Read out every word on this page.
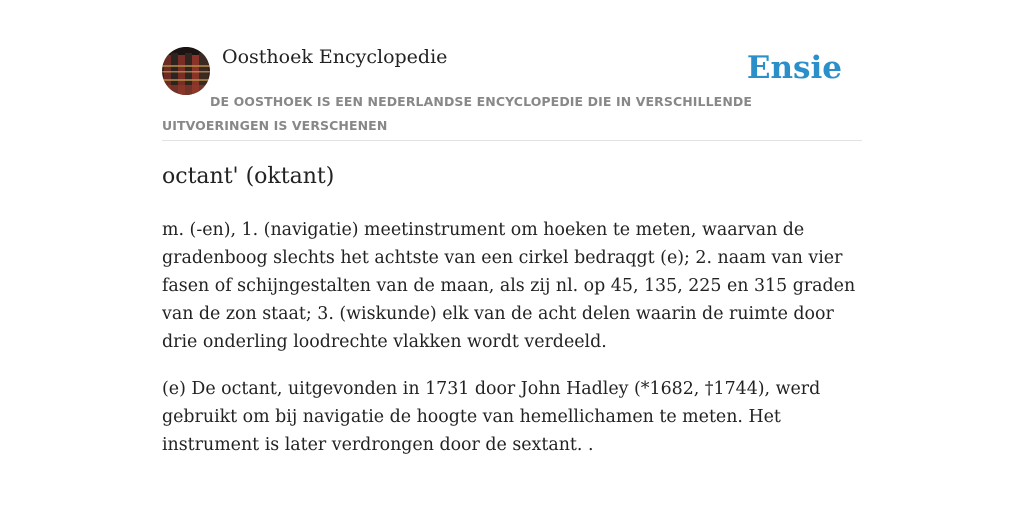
Oosthoek Encyclopedie
DE OOSTHOEK IS EEN NEDERLANDSE ENCYCLOPEDIE DIE IN VERSCHILLENDE UITVOERINGEN IS VERSCHENEN
Ensie
octant' (oktant)

m. (-en), 1. (navigatie) meetinstrument om hoeken te meten, waarvan de gradenboog slechts het achtste van een cirkel bedraqgt (e); 2. naam van vier fasen of schijngestalten van de maan, als zij nl. op 45, 135, 225 en 315 graden van de zon staat; 3. (wiskunde) elk van de acht delen waarin de ruimte door drie onderling loodrechte vlakken wordt verdeeld.

(e) De octant, uitgevonden in 1731 door John Hadley (*1682, †1744), werd gebruikt om bij navigatie de hoogte van hemellichamen te meten. Het instrument is later verdrongen door de sextant. .
